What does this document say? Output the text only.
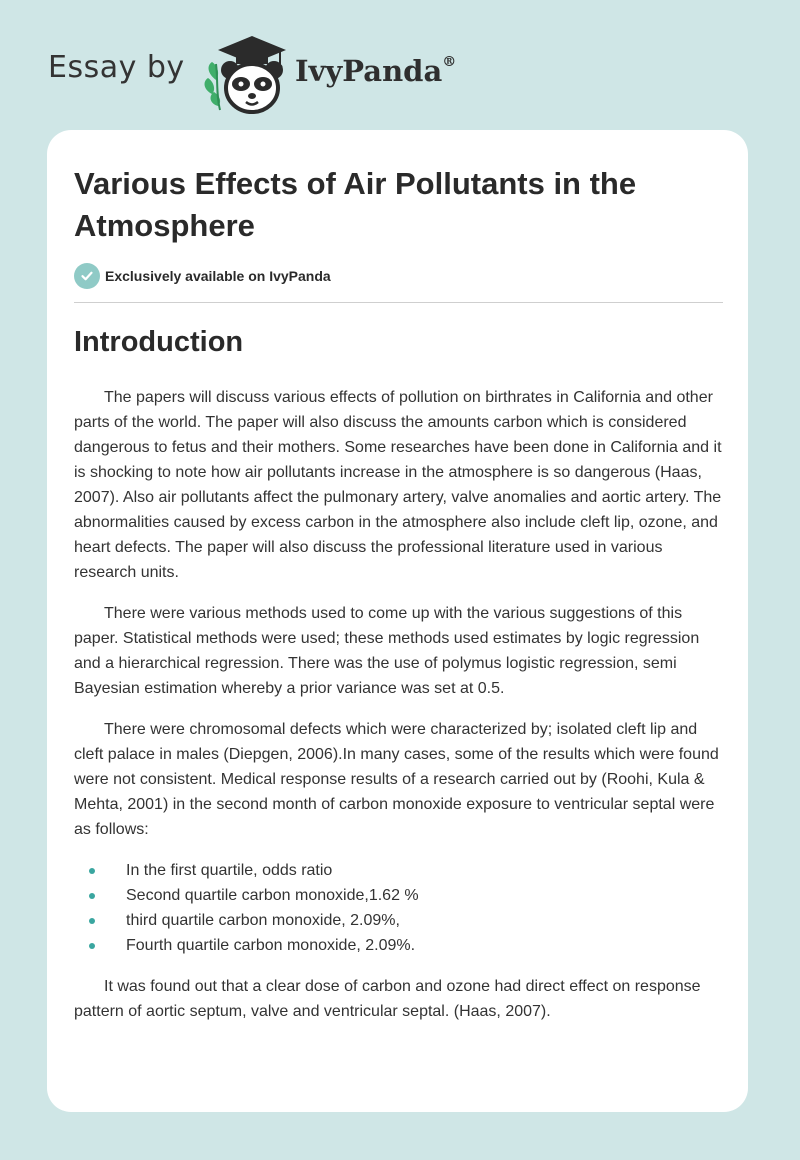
Essay by	IvyPanda®
Various Effects of Air Pollutants in the Atmosphere
Exclusively available on IvyPanda
Introduction

The papers will discuss various effects of pollution on birthrates in California and other parts of the world. The paper will also discuss the amounts carbon which is considered dangerous to fetus and their mothers. Some researches have been done in California and it is shocking to note how air pollutants increase in the atmosphere is so dangerous (Haas, 2007). Also air pollutants affect the pulmonary artery, valve anomalies and aortic artery. The abnormalities caused by excess carbon in the atmosphere also include cleft lip, ozone, and heart defects. The paper will also discuss the professional literature used in various research units.

There were various methods used to come up with the various suggestions of this paper. Statistical methods were used; these methods used estimates by logic regression and a hierarchical regression. There was the use of polymus logistic regression, semi Bayesian estimation whereby a prior variance was set at 0.5.

There were chromosomal defects which were characterized by; isolated cleft lip and cleft palace in males (Diepgen, 2006).In many cases, some of the results which were found were not consistent. Medical response results of a research carried out by (Roohi, Kula & Mehta, 2001) in the second month of carbon monoxide exposure to ventricular septal were as follows:

In the first quartile, odds ratio
Second quartile carbon monoxide,1.62 %
third quartile carbon monoxide, 2.09%,
Fourth quartile carbon monoxide, 2.09%.

It was found out that a clear dose of carbon and ozone had direct effect on response pattern of aortic septum, valve and ventricular septal. (Haas, 2007).
